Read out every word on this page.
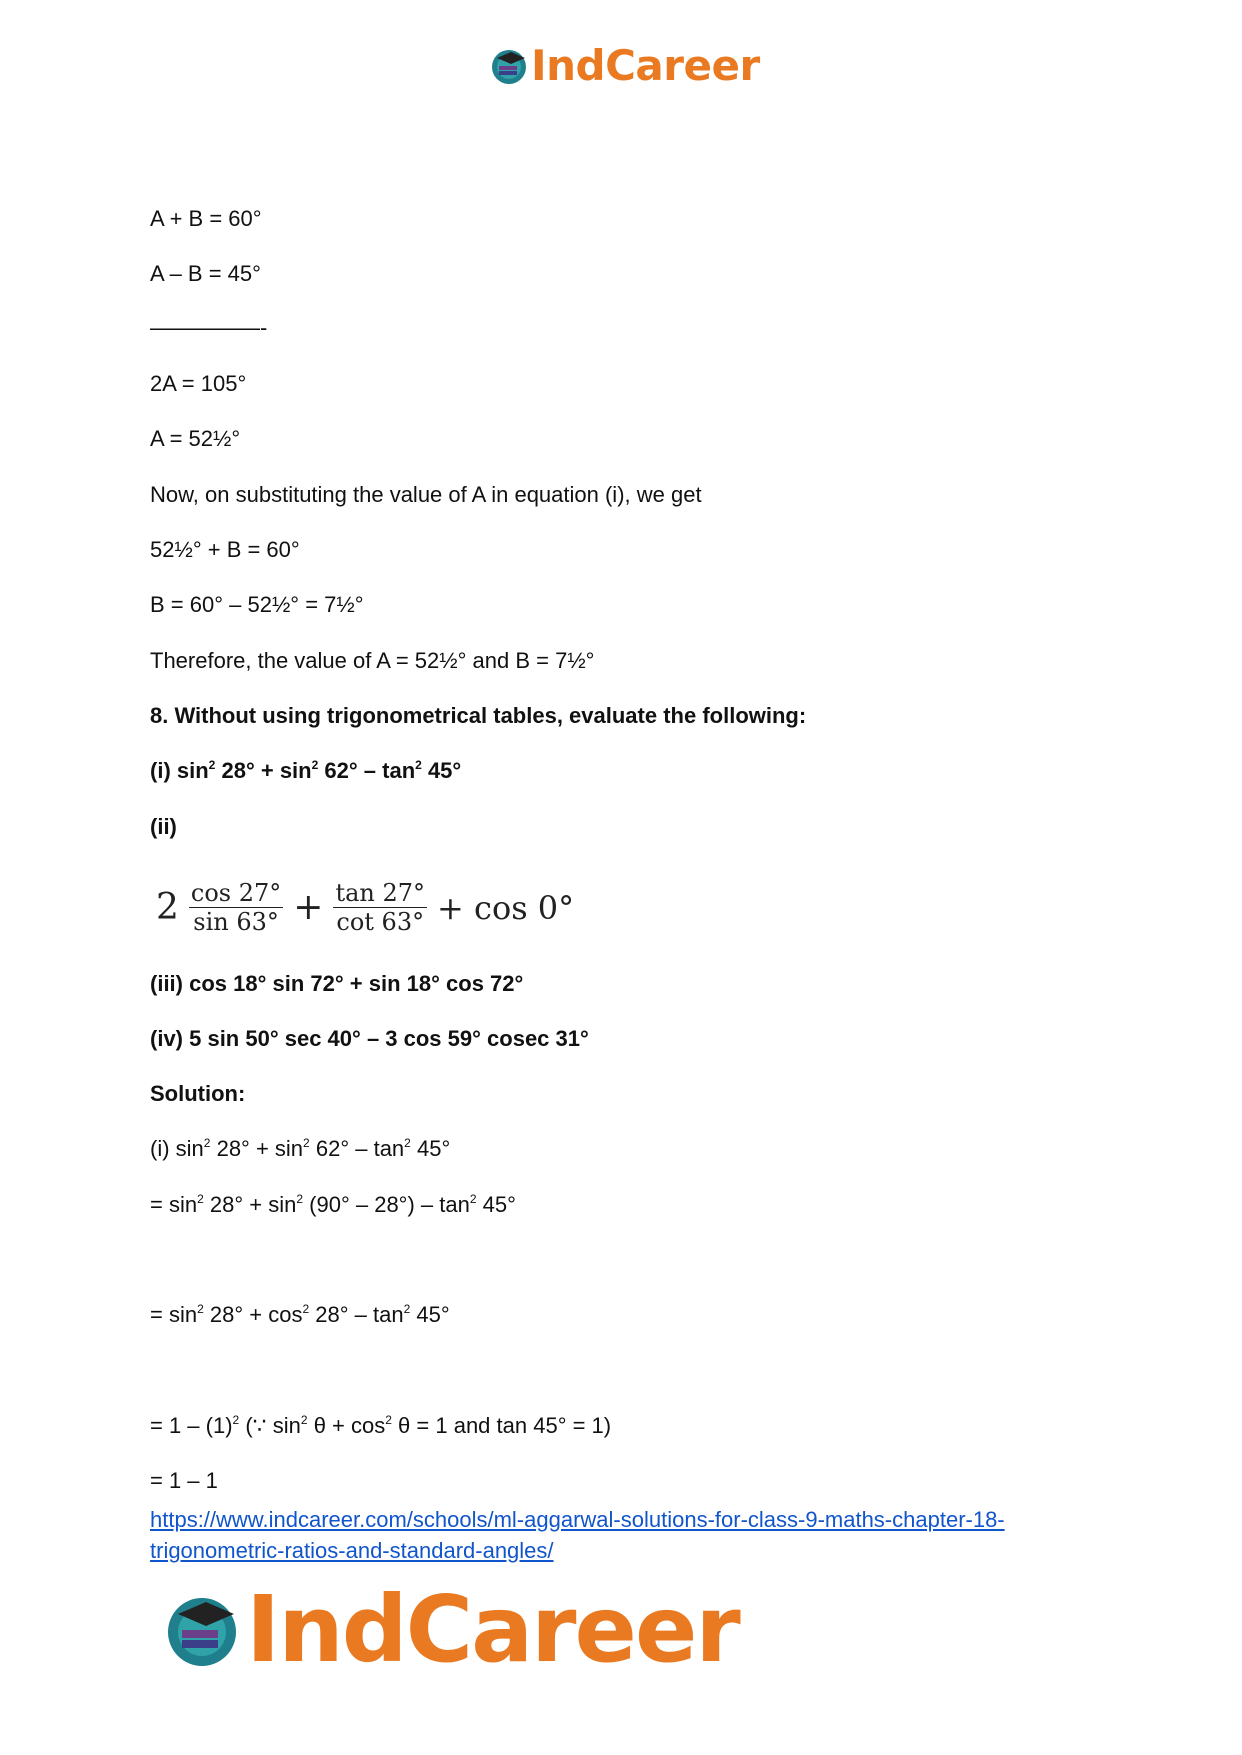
IndCareer
A + B = 60°
A – B = 45°
—————-
2A = 105°
A = 52½°
Now, on substituting the value of A in equation (i), we get
52½° + B = 60°
B = 60° – 52½° = 7½°
Therefore, the value of A = 52½° and B = 7½°
8. Without using trigonometrical tables, evaluate the following:
(i) $\sin^2 28^\circ + \sin^2 62^\circ - \tan^2 45^\circ$
(ii)
$2 \frac{\cos 27^\circ}{\sin 63^\circ} + \frac{\tan 27^\circ}{\cot 63^\circ} + \cos 0^\circ$
(iii) cos 18° sin 72° + sin 18° cos 72°
(iv) 5 sin 50° sec 40° – 3 cos 59° cosec 31°
Solution:
(i) $\sin^2 28^\circ + \sin^2 62^\circ - \tan^2 45^\circ$
= $\sin^2 28^\circ + \sin^2 (90^\circ - 28^\circ) - \tan^2 45^\circ$
= $\sin^2 28^\circ + \cos^2 28^\circ - \tan^2 45^\circ$
= $1 - (1)^2$ (∵ $\sin^2 \theta + \cos^2 \theta = 1$ and tan 45° = 1)
= 1 – 1
https://www.indcareer.com/schools/ml-aggarwal-solutions-for-class-9-maths-chapter-18-trigonometric-ratios-and-standard-angles/
IndCareer
